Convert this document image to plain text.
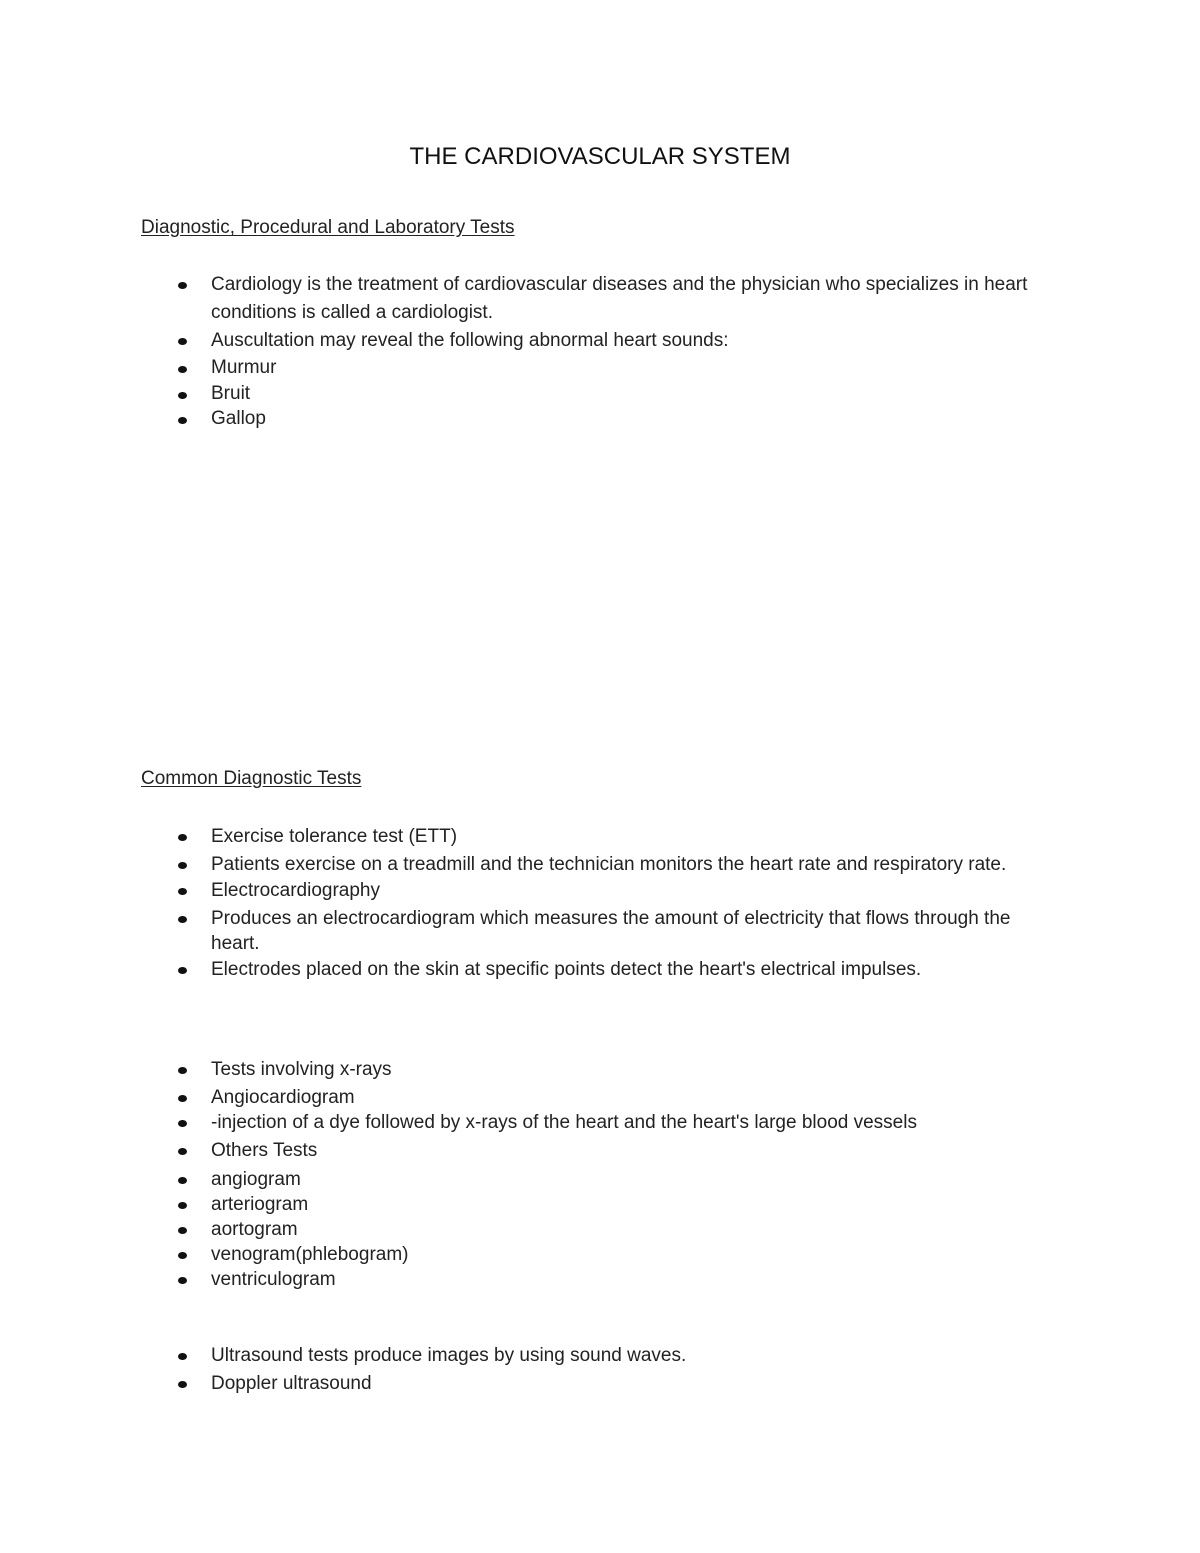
THE CARDIOVASCULAR SYSTEM
Diagnostic, Procedural and Laboratory Tests
Cardiology is the treatment of cardiovascular diseases and the physician who specializes in heart conditions is called a cardiologist.
Auscultation may reveal the following abnormal heart sounds:
Murmur
Bruit
Gallop
Common Diagnostic Tests
Exercise tolerance test (ETT)
Patients exercise on a treadmill and the technician monitors the heart rate and respiratory rate.
Electrocardiography
Produces an electrocardiogram which measures the amount of electricity that flows through the heart.
Electrodes placed on the skin at specific points detect the heart's electrical impulses.
Tests involving x-rays
Angiocardiogram
-injection of a dye followed by x-rays of the heart and the heart's large blood vessels
Others Tests
angiogram
arteriogram
aortogram
venogram(phlebogram)
ventriculogram
Ultrasound tests produce images by using sound waves.
Doppler ultrasound
